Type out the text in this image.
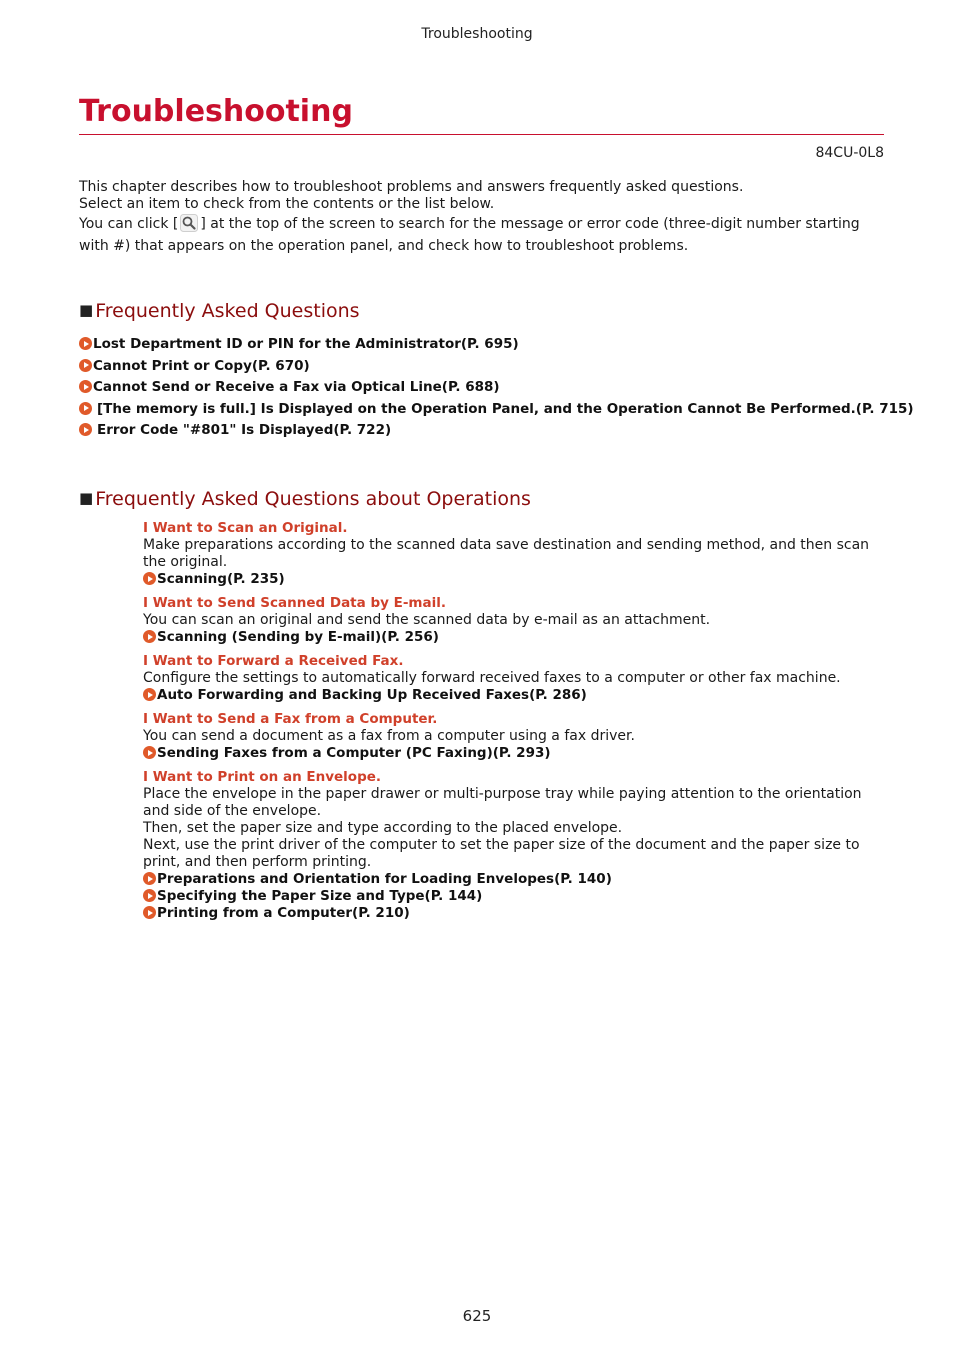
Troubleshooting
Troubleshooting
84CU-0L8

This chapter describes how to troubleshoot problems and answers frequently asked questions.

Select an item to check from the contents or the list below.

You can click [ ] at the top of the screen to search for the message or error code (three-digit number starting with #) that appears on the operation panel, and check how to troubleshoot problems.

■ Frequently Asked Questions
Lost Department ID or PIN for the Administrator(P. 695)
Cannot Print or Copy(P. 670)
Cannot Send or Receive a Fax via Optical Line(P. 688)
[The memory is full.] Is Displayed on the Operation Panel, and the Operation Cannot Be Performed.(P. 715)
Error Code "#801" Is Displayed(P. 722)
■ Frequently Asked Questions about Operations
I Want to Scan an Original.

Make preparations according to the scanned data save destination and sending method, and then scan the original.

Scanning(P. 235)
I Want to Send Scanned Data by E-mail.

You can scan an original and send the scanned data by e-mail as an attachment.

Scanning (Sending by E-mail)(P. 256)
I Want to Forward a Received Fax.

Configure the settings to automatically forward received faxes to a computer or other fax machine.

Auto Forwarding and Backing Up Received Faxes(P. 286)
I Want to Send a Fax from a Computer.

You can send a document as a fax from a computer using a fax driver.

Sending Faxes from a Computer (PC Faxing)(P. 293)
I Want to Print on an Envelope.

Place the envelope in the paper drawer or multi-purpose tray while paying attention to the orientation and side of the envelope.

Then, set the paper size and type according to the placed envelope.

Next, use the print driver of the computer to set the paper size of the document and the paper size to print, and then perform printing.

Preparations and Orientation for Loading Envelopes(P. 140)
Specifying the Paper Size and Type(P. 144)
Printing from a Computer(P. 210)
625
